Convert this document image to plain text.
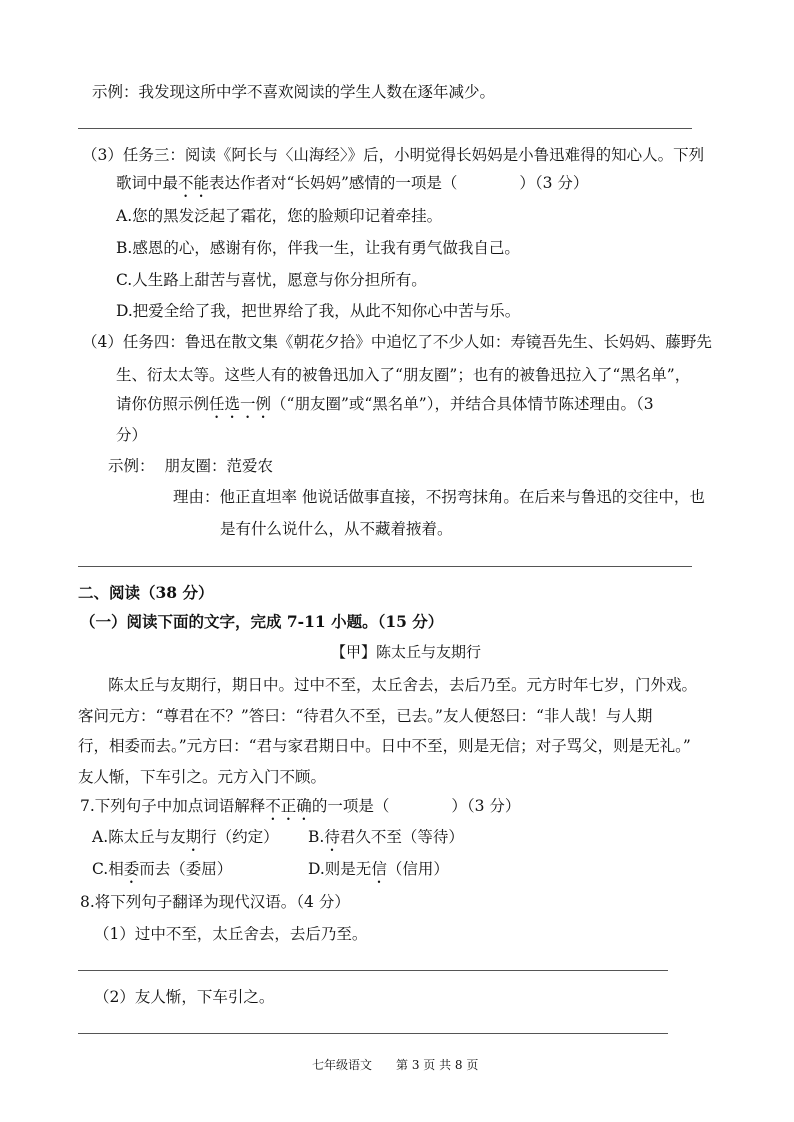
示例：我发现这所中学不喜欢阅读的学生人数在逐年减少。
（3）任务三：阅读《阿长与〈山海经〉》后，小明觉得长妈妈是小鲁迅难得的知心人。下列
歌词中最不能表达作者对“长妈妈”感情的一项是（　　　　）（3 分）
A.您的黑发泛起了霜花，您的脸颊印记着牵挂。
B.感恩的心，感谢有你，伴我一生，让我有勇气做我自己。
C.人生路上甜苦与喜忧，愿意与你分担所有。
D.把爱全给了我，把世界给了我，从此不知你心中苦与乐。
（4）任务四：鲁迅在散文集《朝花夕拾》中追忆了不少人如：寿镜吾先生、长妈妈、藤野先
生、衍太太等。这些人有的被鲁迅加入了“朋友圈”；也有的被鲁迅拉入了“黑名单”，
请你仿照示例任选一例（“朋友圈”或“黑名单”），并结合具体情节陈述理由。（3
分）
示例： 朋友圈：范爱农
理由：他正直坦率 他说话做事直接，不拐弯抹角。在后来与鲁迅的交往中，也
是有什么说什么，从不藏着掖着。
二、阅读（38 分）
（一）阅读下面的文字，完成 7-11 小题。（15 分）
【甲】陈太丘与友期行
陈太丘与友期行，期日中。过中不至，太丘舍去，去后乃至。元方时年七岁，门外戏。
客问元方：“尊君在不？”答曰：“待君久不至，已去。”友人便怒曰：“非人哉！与人期
行，相委而去。”元方曰：“君与家君期日中。日中不至，则是无信；对子骂父，则是无礼。”
友人惭，下车引之。元方入门不顾。
7.下列句子中加点词语解释不正确的一项是（　　　　）（3 分）
A.陈太丘与友期行（约定） B.待君久不至（等待）
C.相委而去（委屈）	D.则是无信（信用）
8.将下列句子翻译为现代汉语。（4 分）
（1）过中不至，太丘舍去，去后乃至。
（2）友人惭，下车引之。
七年级语文　　第 3 页 共 8 页
